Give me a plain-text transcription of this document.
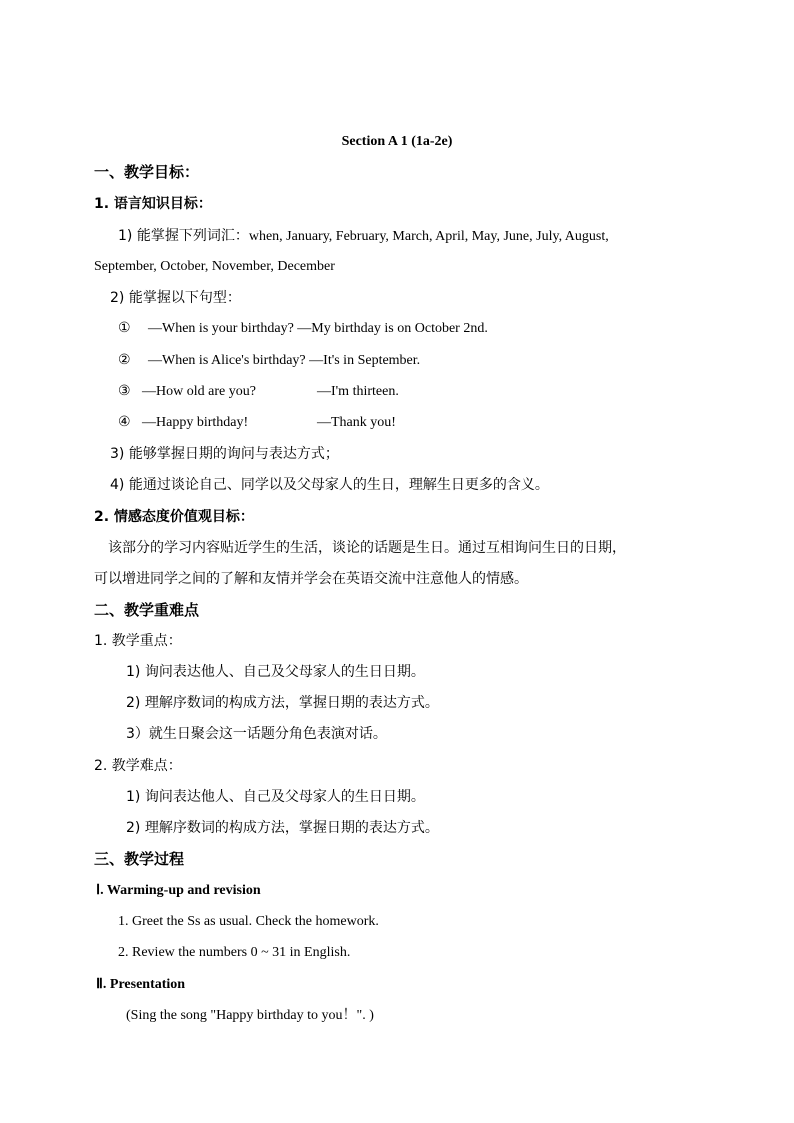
Section A 1 (1a-2e)
一、教学目标：
1. 语言知识目标：
1) 能掌握下列词汇：when, January, February, March, April, May, June, July, August,
September, October, November, December
2) 能掌握以下句型：
① —When is your birthday? —My birthday is on October 2nd.
② —When is Alice's birthday? —It's in September.
③ —How old are you?	—I'm thirteen.
④ —Happy birthday!	—Thank you!
3) 能够掌握日期的询问与表达方式；
4) 能通过谈论自己、同学以及父母家人的生日，理解生日更多的含义。
2. 情感态度价值观目标：
该部分的学习内容贴近学生的生活，谈论的话题是生日。通过互相询问生日的日期，
可以增进同学之间的了解和友情并学会在英语交流中注意他人的情感。
二、教学重难点
1. 教学重点：
1) 询问表达他人、自己及父母家人的生日日期。
2) 理解序数词的构成方法，掌握日期的表达方式。
3）就生日聚会这一话题分角色表演对话。
2. 教学难点：
1) 询问表达他人、自己及父母家人的生日日期。
2) 理解序数词的构成方法，掌握日期的表达方式。
三、教学过程
Ⅰ. Warming-up and revision
1. Greet the Ss as usual. Check the homework.
2. Review the numbers 0 ~ 31 in English.
Ⅱ. Presentation
(Sing the song "Happy birthday to you！". )
